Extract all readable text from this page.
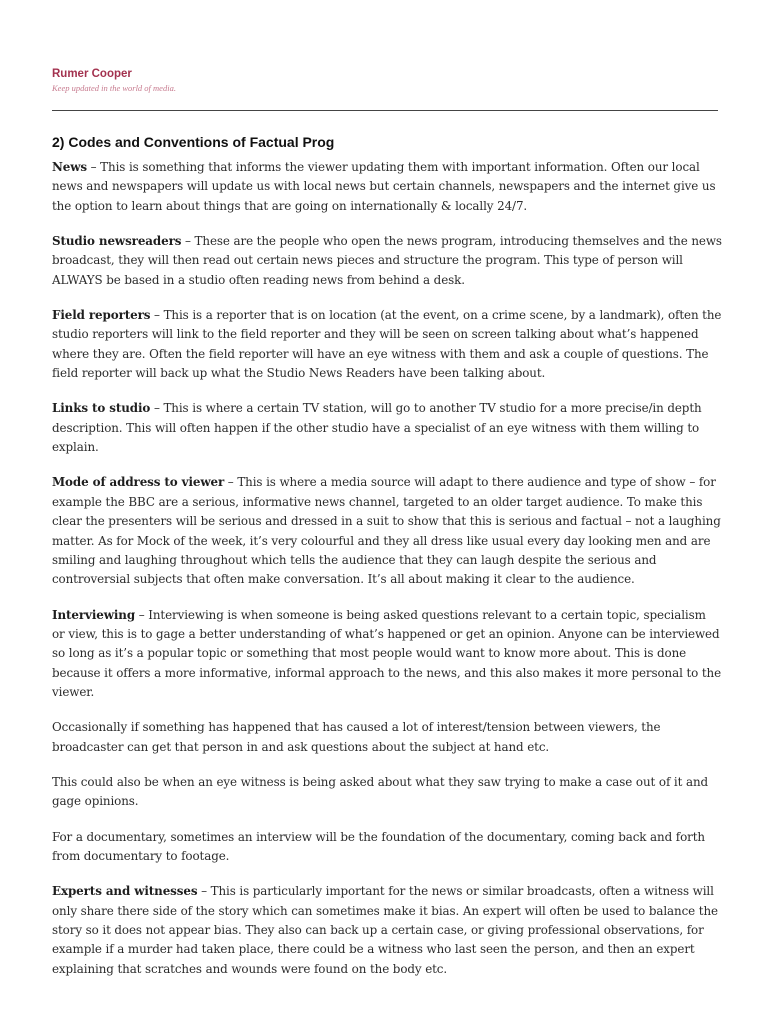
Rumer Cooper
Keep updated in the world of media.
2) Codes and Conventions of Factual Prog

News – This is something that informs the viewer updating them with important information. Often our local news and newspapers will update us with local news but certain channels, newspapers and the internet give us the option to learn about things that are going on internationally & locally 24/7.

Studio newsreaders – These are the people who open the news program, introducing themselves and the news broadcast, they will then read out certain news pieces and structure the program. This type of person will ALWAYS be based in a studio often reading news from behind a desk.

Field reporters – This is a reporter that is on location (at the event, on a crime scene, by a landmark), often the studio reporters will link to the field reporter and they will be seen on screen talking about what’s happened where they are. Often the field reporter will have an eye witness with them and ask a couple of questions. The field reporter will back up what the Studio News Readers have been talking about.

Links to studio – This is where a certain TV station, will go to another TV studio for a more precise/in depth description. This will often happen if the other studio have a specialist of an eye witness with them willing to explain.

Mode of address to viewer – This is where a media source will adapt to there audience and type of show – for example the BBC are a serious, informative news channel, targeted to an older target audience. To make this clear the presenters will be serious and dressed in a suit to show that this is serious and factual – not a laughing matter. As for Mock of the week, it’s very colourful and they all dress like usual every day looking men and are smiling and laughing throughout which tells the audience that they can laugh despite the serious and controversial subjects that often make conversation. It’s all about making it clear to the audience.

Interviewing – Interviewing is when someone is being asked questions relevant to a certain topic, specialism or view, this is to gage a better understanding of what’s happened or get an opinion. Anyone can be interviewed so long as it’s a popular topic or something that most people would want to know more about. This is done because it offers a more informative, informal approach to the news, and this also makes it more personal to the viewer.

Occasionally if something has happened that has caused a lot of interest/tension between viewers, the broadcaster can get that person in and ask questions about the subject at hand etc.

This could also be when an eye witness is being asked about what they saw trying to make a case out of it and gage opinions.

For a documentary, sometimes an interview will be the foundation of the documentary, coming back and forth from documentary to footage.

Experts and witnesses – This is particularly important for the news or similar broadcasts, often a witness will only share there side of the story which can sometimes make it bias. An expert will often be used to balance the story so it does not appear bias. They also can back up a certain case, or giving professional observations, for example if a murder had taken place, there could be a witness who last seen the person, and then an expert explaining that scratches and wounds were found on the body etc.
